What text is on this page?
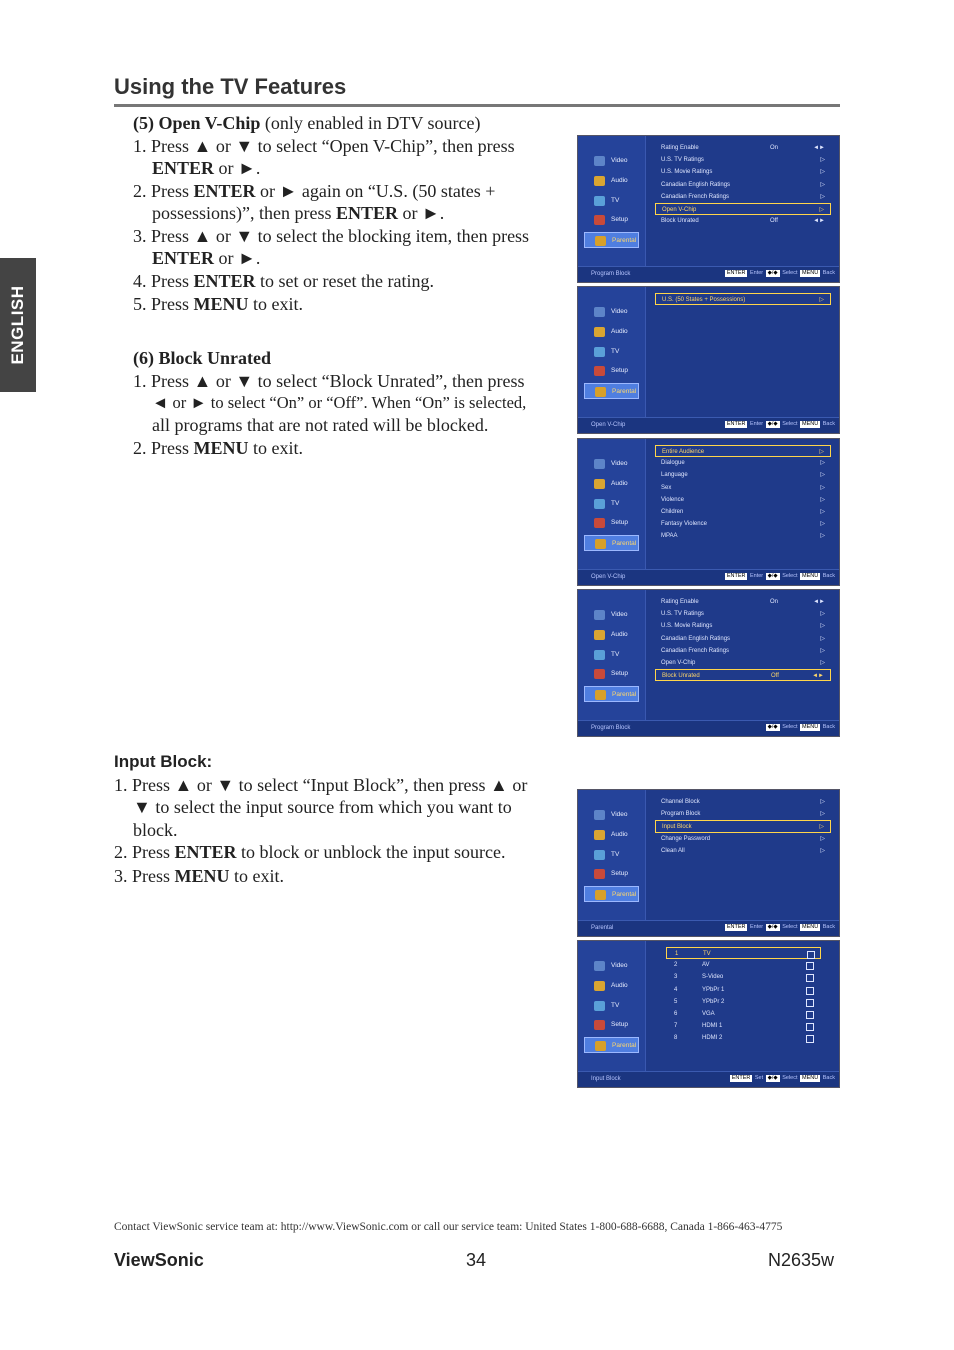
Using the TV Features
ENGLISH
(5) Open V-Chip (only enabled in DTV source)
1. Press ▲ or ▼ to select “Open V-Chip”, then press
ENTER or ►.
2. Press ENTER or ► again on “U.S. (50 states +
possessions)”, then press ENTER or ►.
3. Press ▲ or ▼ to select the blocking item, then press
ENTER or ►.
4. Press ENTER to set or reset the rating.
5. Press MENU to exit.
(6) Block Unrated
1. Press ▲ or ▼ to select “Block Unrated”, then press
◄ or ► to select “On” or “Off”. When “On” is selected,
all programs that are not rated will be blocked.
2. Press MENU to exit.
Input Block:
1. Press ▲ or ▼ to select “Input Block”, then press ▲ or
▼ to select the input source from which you want to
block.
2. Press ENTER to block or unblock the input source.
3. Press MENU to exit.
Video
Audio
TV
Setup
Parental
Rating Enable	On	◄►
U.S. TV Ratings	▷
U.S. Movie Ratings	▷
Canadian English Ratings	▷
Canadian French Ratings	▷
Open V-Chip	▷
Block Unrated	Off	◄►
Program Block	ENTER Enter ◆/◆ Select MENU Back
Video
Audio
TV
Setup
Parental
U.S. (50 States + Possessions)	▷
Open V-Chip	ENTER Enter ◆/◆ Select MENU Back
Video
Audio
TV
Setup
Parental
Entire Audience	▷
Dialogue	▷
Language	▷
Sex	▷
Violence	▷
Children	▷
Fantasy Violence	▷
MPAA	▷
Open V-Chip	ENTER Enter ◆/◆ Select MENU Back
Video
Audio
TV
Setup
Parental
Rating Enable	On	◄►
U.S. TV Ratings	▷
U.S. Movie Ratings	▷
Canadian English Ratings	▷
Canadian French Ratings	▷
Open V-Chip	▷
Block Unrated	Off	◄►
Program Block	◆/◆ Select MENU Back
Video
Audio
TV
Setup
Parental
Channel Block	▷
Program Block	▷
Input Block	▷
Change Password	▷
Clean All	▷
Parental	ENTER Enter ◆/◆ Select MENU Back
Video
Audio
TV
Setup
Parental
1	TV
2	AV
3	S-Video
4	YPbPr 1
5	YPbPr 2
6	VGA
7	HDMI 1
8	HDMI 2
Input Block	ENTER Set ◆/◆ Select MENU Back
Contact ViewSonic service team at: http://www.ViewSonic.com or call our service team: United States 1-800-688-6688, Canada 1-866-463-4775
ViewSonic	34	N2635w
